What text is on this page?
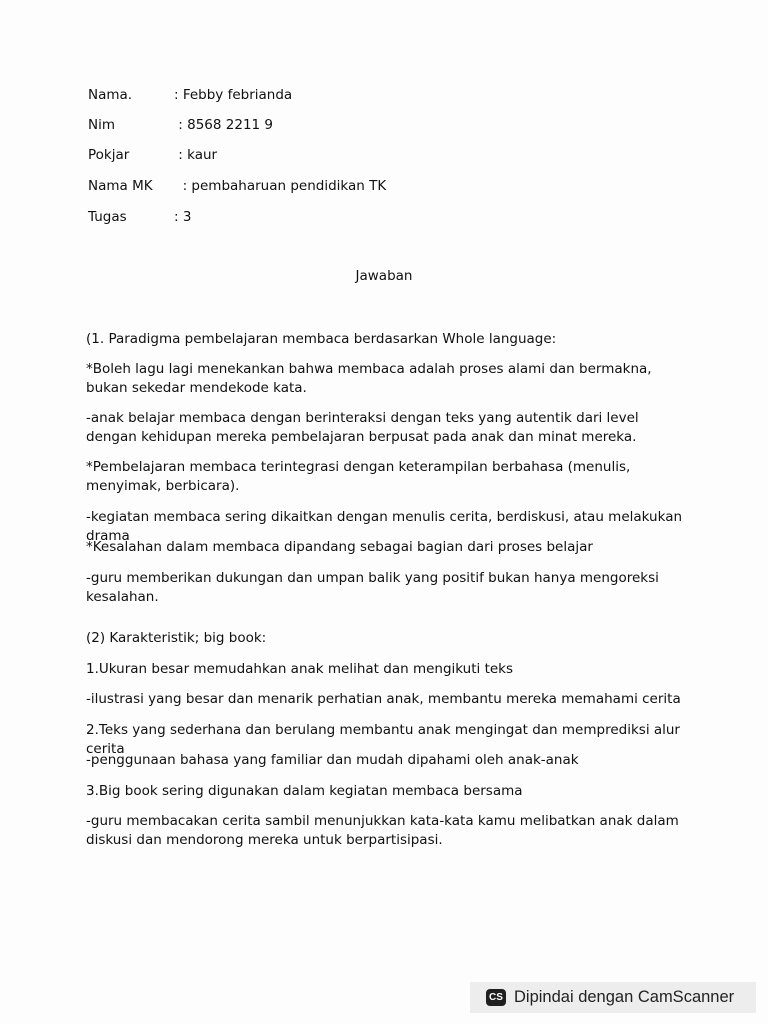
Nama.	: Febby febrianda
Nim	: 8568 2211 9
Pokjar	: kaur
Nama MK  : pembaharuan pendidikan TK
Tugas	: 3
Jawaban
(1. Paradigma pembelajaran membaca berdasarkan Whole language:
*Boleh lagu lagi menekankan bahwa membaca adalah proses alami dan bermakna, bukan sekedar mendekode kata.
-anak belajar membaca dengan berinteraksi dengan teks yang autentik dari level dengan kehidupan mereka pembelajaran berpusat pada anak dan minat mereka.
*Pembelajaran membaca terintegrasi dengan keterampilan berbahasa (menulis, menyimak, berbicara).
-kegiatan membaca sering dikaitkan dengan menulis cerita, berdiskusi, atau melakukan drama
*Kesalahan dalam membaca dipandang sebagai bagian dari proses belajar
-guru memberikan dukungan dan umpan balik yang positif bukan hanya mengoreksi kesalahan.
(2) Karakteristik; big book:
1.Ukuran besar memudahkan anak melihat dan mengikuti teks
-ilustrasi yang besar dan menarik perhatian anak, membantu mereka memahami cerita
2.Teks yang sederhana dan berulang membantu anak mengingat dan memprediksi alur cerita
-penggunaan bahasa yang familiar dan mudah dipahami oleh anak-anak
3.Big book sering digunakan dalam kegiatan membaca bersama
-guru membacakan cerita sambil menunjukkan kata-kata kamu melibatkan anak dalam diskusi dan mendorong mereka untuk berpartisipasi.
CS Dipindai dengan CamScanner
